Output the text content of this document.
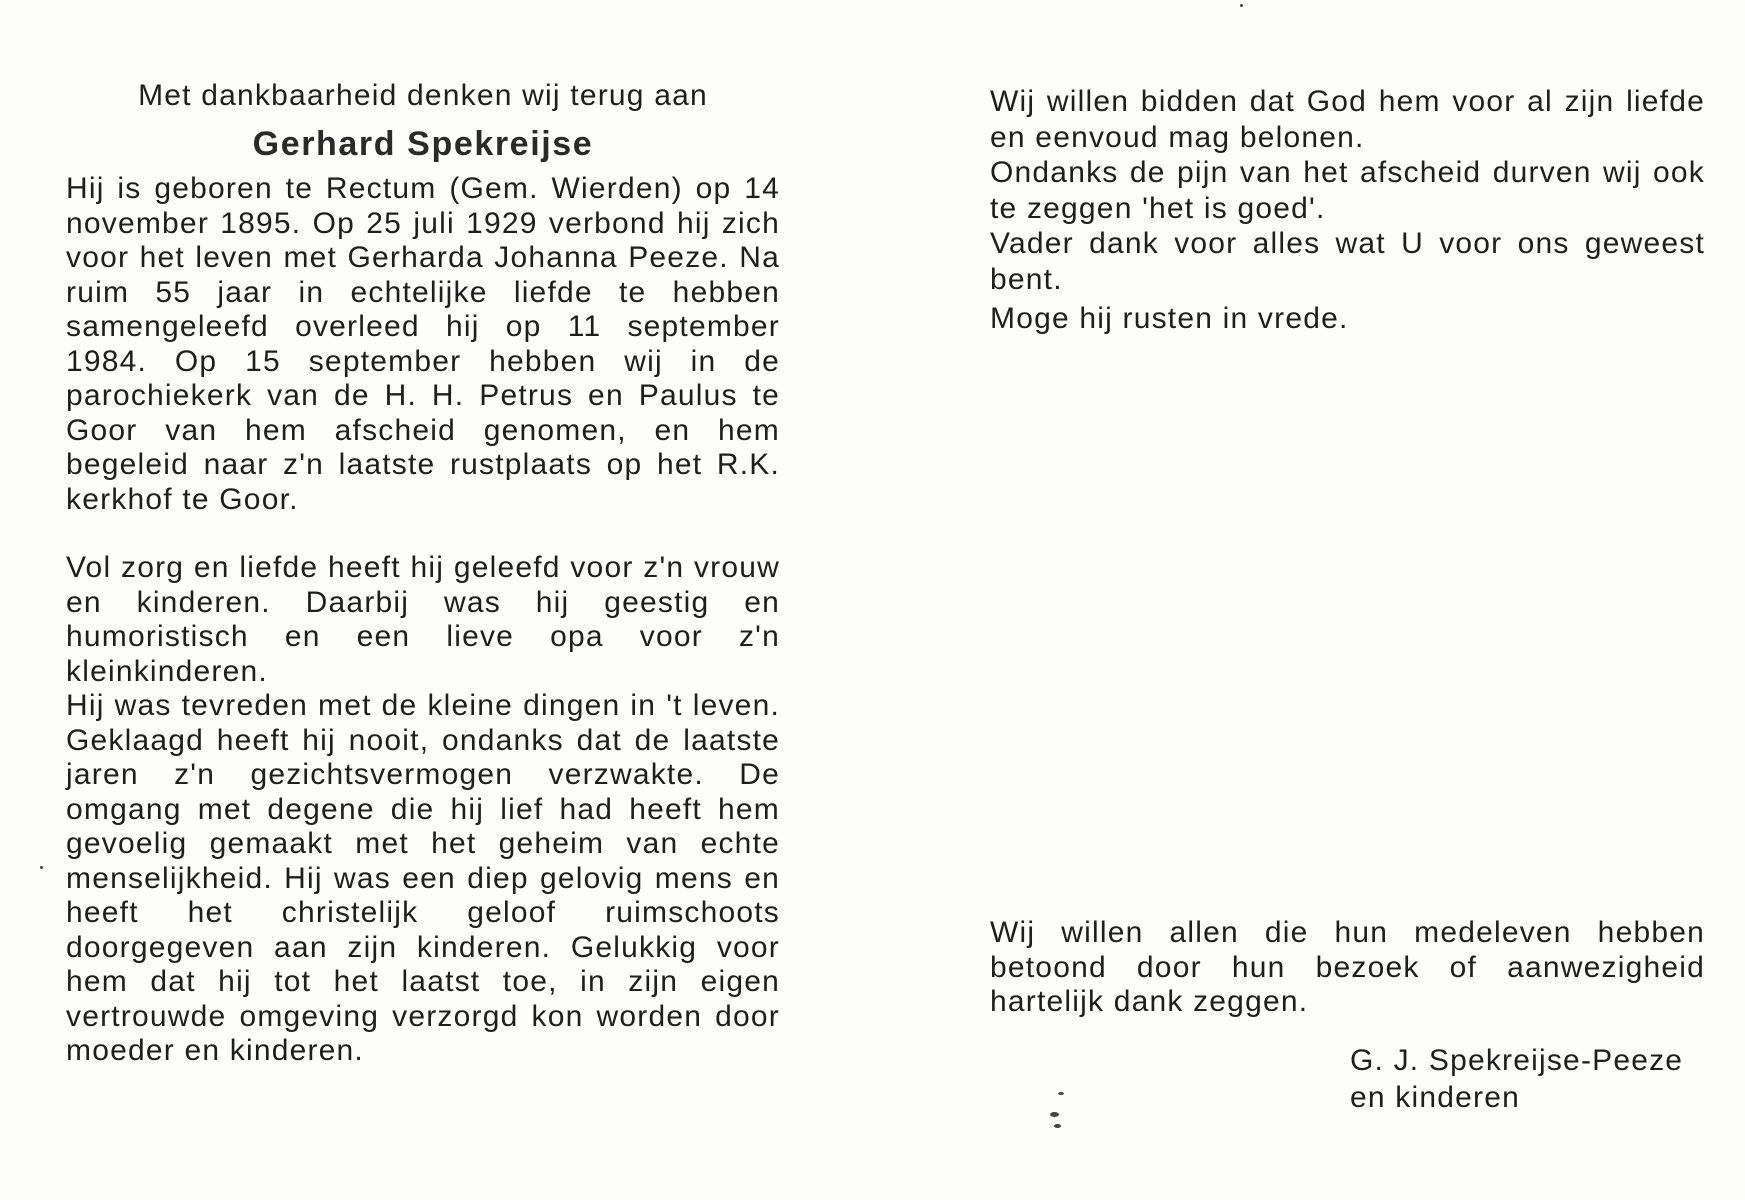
Met dankbaarheid denken wij terug aan

Gerhard Spekreijse

Hij is geboren te Rectum (Gem. Wierden) op 14 november 1895. Op 25 juli 1929 verbond hij zich voor het leven met Gerharda Johanna Peeze. Na ruim 55 jaar in echtelijke liefde te hebben samengeleefd overleed hij op 11 september 1984. Op 15 september hebben wij in de parochiekerk van de H. H. Petrus en Paulus te Goor van hem afscheid genomen, en hem begeleid naar z'n laatste rustplaats op het R.K. kerkhof te Goor.

Vol zorg en liefde heeft hij geleefd voor z'n vrouw en kinderen. Daarbij was hij geestig en humoristisch en een lieve opa voor z'n kleinkinderen.

Hij was tevreden met de kleine dingen in 't leven. Geklaagd heeft hij nooit, ondanks dat de laatste jaren z'n gezichtsvermogen verzwakte. De omgang met degene die hij lief had heeft hem gevoelig gemaakt met het geheim van echte menselijkheid. Hij was een diep gelovig mens en heeft het christelijk geloof ruimschoots doorgegeven aan zijn kinderen. Gelukkig voor hem dat hij tot het laatst toe, in zijn eigen vertrouwde omgeving verzorgd kon worden door moeder en kinderen.

Wij willen bidden dat God hem voor al zijn liefde en eenvoud mag belonen.

Ondanks de pijn van het afscheid durven wij ook te zeggen 'het is goed'.

Vader dank voor alles wat U voor ons geweest bent.

Moge hij rusten in vrede.

Wij willen allen die hun medeleven hebben betoond door hun bezoek of aanwezigheid hartelijk dank zeggen.

G. J. Spekreijse-Peeze
en kinderen
